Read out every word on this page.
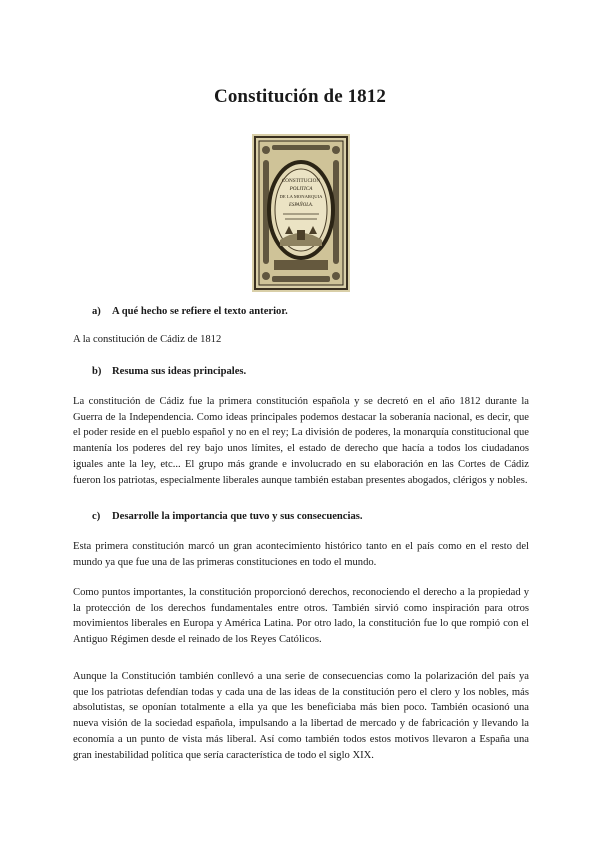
Constitución de 1812
CONSTITUCION
POLITICA
DE LA MONARQUIA
ESPAÑOLA.
a) A qué hecho se refiere el texto anterior.
A la constitución de Cádiz de 1812
b) Resuma sus ideas principales.
La constitución de Cádiz fue la primera constitución española y se decretó en el año 1812 durante la Guerra de la Independencia. Como ideas principales podemos destacar la soberanía nacional, es decir, que el poder reside en el pueblo español y no en el rey; La división de poderes, la monarquía constitucional que mantenía los poderes del rey bajo unos límites, el estado de derecho que hacía a todos los ciudadanos iguales ante la ley, etc... El grupo más grande e involucrado en su elaboración en las Cortes de Cádiz fueron los patriotas, especialmente liberales aunque también estaban presentes abogados, clérigos y nobles.
c) Desarrolle la importancia que tuvo y sus consecuencias.
Esta primera constitución marcó un gran acontecimiento histórico tanto en el país como en el resto del mundo ya que fue una de las primeras constituciones en todo el mundo.
Como puntos importantes, la constitución proporcionó derechos, reconociendo el derecho a la propiedad y la protección de los derechos fundamentales entre otros. También sirvió como inspiración para otros movimientos liberales en Europa y América Latina. Por otro lado, la constitución fue lo que rompió con el Antiguo Régimen desde el reinado de los Reyes Católicos.
Aunque la Constitución también conllevó a una serie de consecuencias como la polarización del país ya que los patriotas defendían todas y cada una de las ideas de la constitución pero el clero y los nobles, más absolutistas, se oponían totalmente a ella ya que les beneficiaba más bien poco. También ocasionó una nueva visión de la sociedad española, impulsando a la libertad de mercado y de fabricación y llevando la economía a un punto de vista más liberal. Así como también todos estos motivos llevaron a España una gran inestabilidad política que sería característica de todo el siglo XIX.
